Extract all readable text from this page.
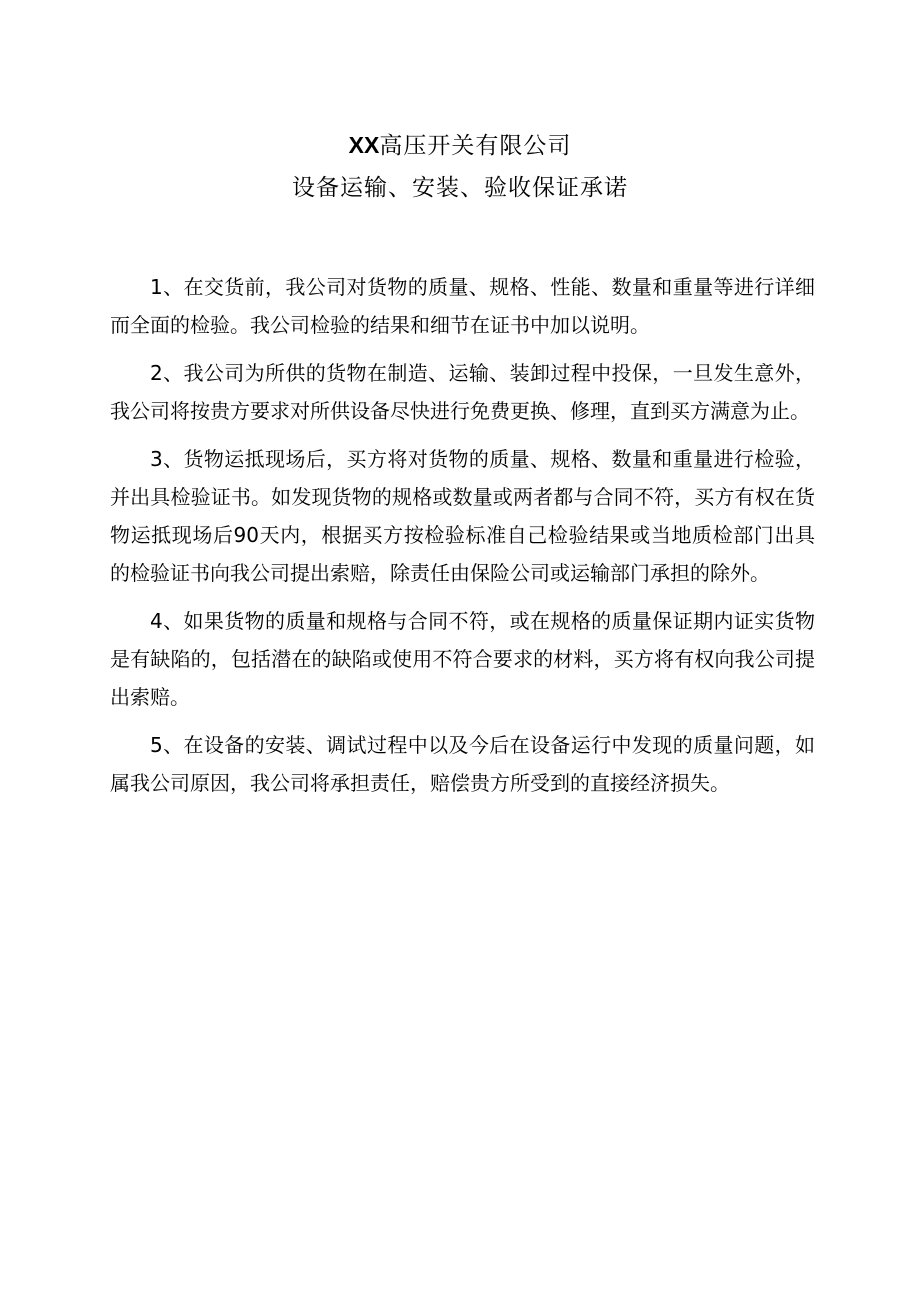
XX高压开关有限公司
设备运输、安装、验收保证承诺

1、在交货前，我公司对货物的质量、规格、性能、数量和重量等进行详细而全面的检验。我公司检验的结果和细节在证书中加以说明。

2、我公司为所供的货物在制造、运输、装卸过程中投保，一旦发生意外，我公司将按贵方要求对所供设备尽快进行免费更换、修理，直到买方满意为止。

3、货物运抵现场后，买方将对货物的质量、规格、数量和重量进行检验，并出具检验证书。如发现货物的规格或数量或两者都与合同不符，买方有权在货物运抵现场后90天内，根据买方按检验标准自己检验结果或当地质检部门出具的检验证书向我公司提出索赔，除责任由保险公司或运输部门承担的除外。

4、如果货物的质量和规格与合同不符，或在规格的质量保证期内证实货物是有缺陷的，包括潜在的缺陷或使用不符合要求的材料，买方将有权向我公司提出索赔。

5、在设备的安装、调试过程中以及今后在设备运行中发现的质量问题，如属我公司原因，我公司将承担责任，赔偿贵方所受到的直接经济损失。
